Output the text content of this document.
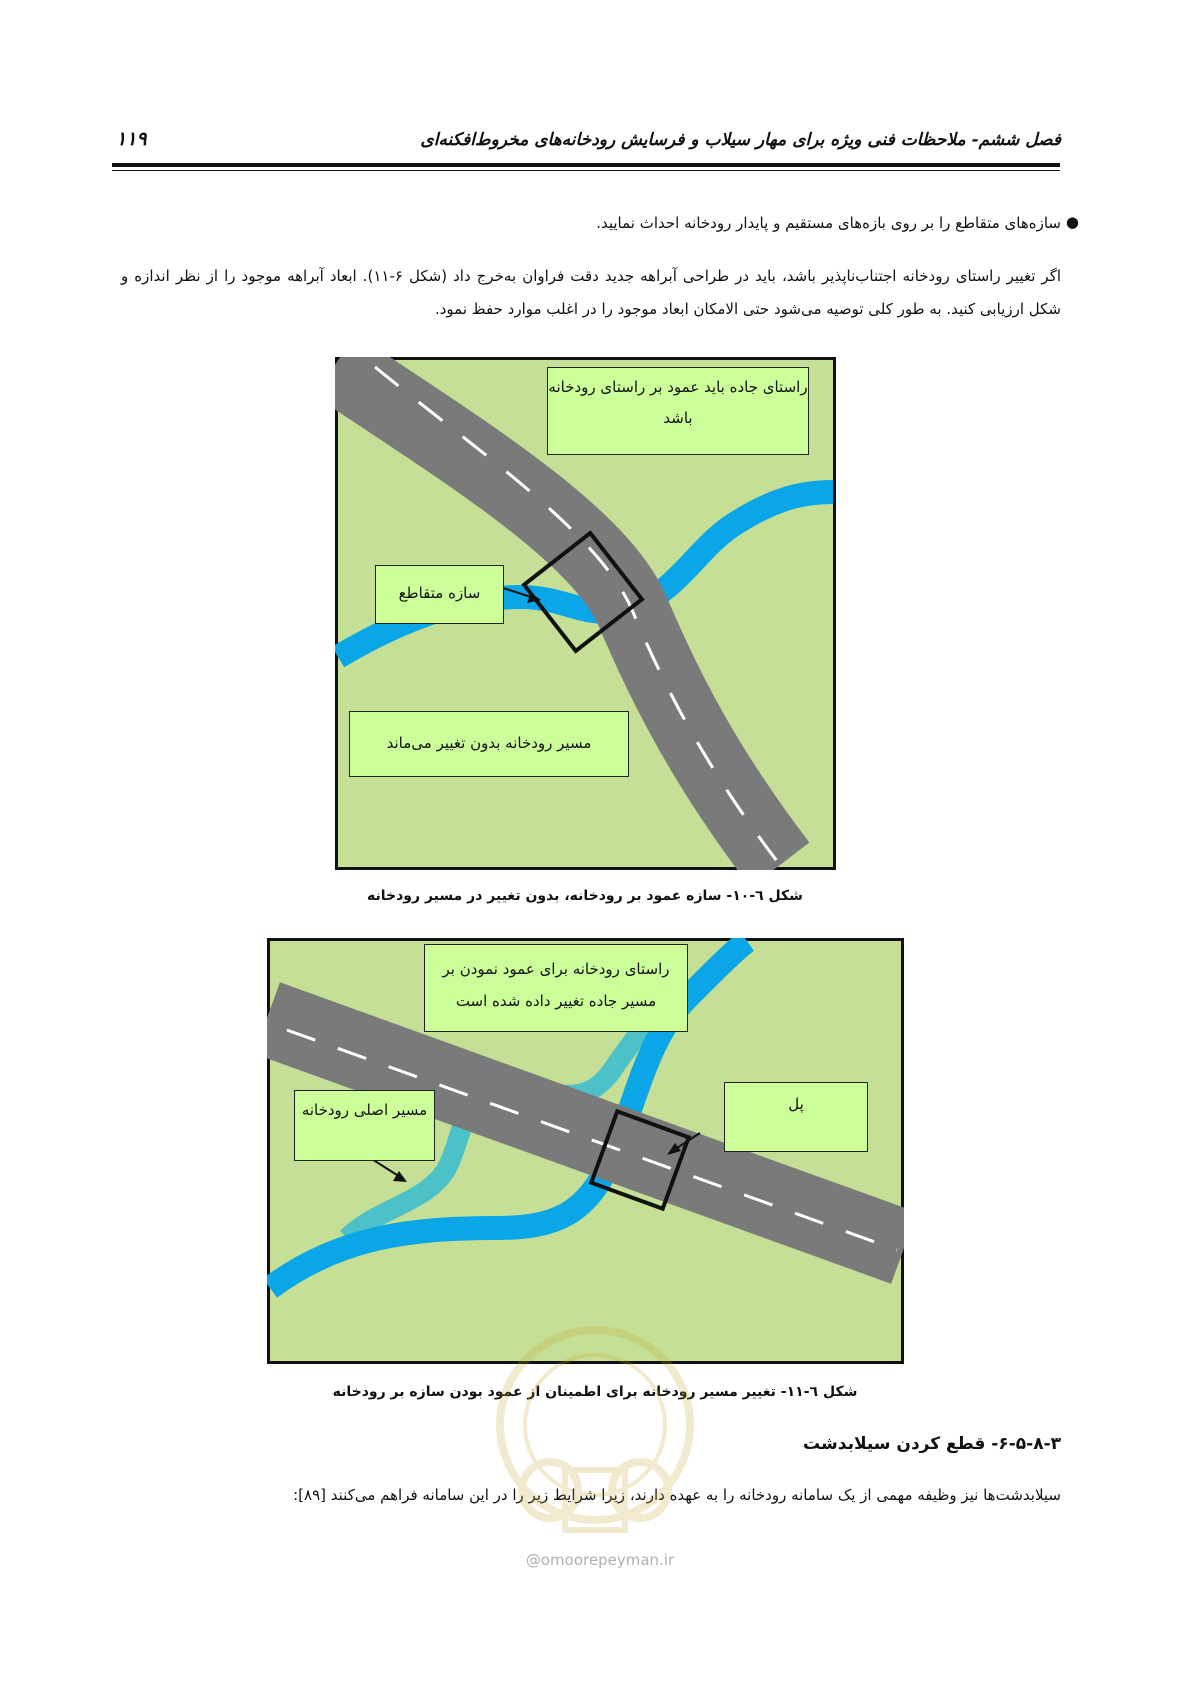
فصل ششم- ملاحظات فنی ویژه برای مهار سیلاب و فرسایش رودخانه‌های مخروط‌افکنه‌ای
۱۱۹
●
سازه‌های متقاطع را بر روی بازه‌های مستقیم و پایدار رودخانه احداث نمایید.
اگر تغییر راستای رودخانه اجتناب‌ناپذیر باشد، باید در طراحی آبراهه جدید دقت فراوان به‌خرج داد (شکل ۶-۱۱). ابعاد آبراهه موجود را از نظر اندازه و شکل ارزیابی کنید. به طور کلی توصیه می‌شود حتی الامکان ابعاد موجود را در اغلب موارد حفظ نمود.
راستای جاده باید عمود بر راستای رودخانه باشد
سازه متقاطع
مسیر رودخانه بدون تغییر می‌ماند
شکل ٦-۱۰- سازه عمود بر رودخانه، بدون تغییر در مسیر رودخانه
راستای رودخانه برای عمود نمودن بر مسیر جاده تغییر داده شده است
مسیر اصلی رودخانه	پل
شکل ٦-۱۱- تغییر مسیر رودخانه برای اطمینان از عمود بودن سازه بر رودخانه
۶-۵-۸-۳- قطع کردن سیلابدشت
سیلابدشت‌ها نیز وظیفه مهمی از یک سامانه رودخانه را به عهده دارند، زیرا شرایط زیر را در این سامانه فراهم می‌کنند [۸۹]:
@omoorepeyman.ir
